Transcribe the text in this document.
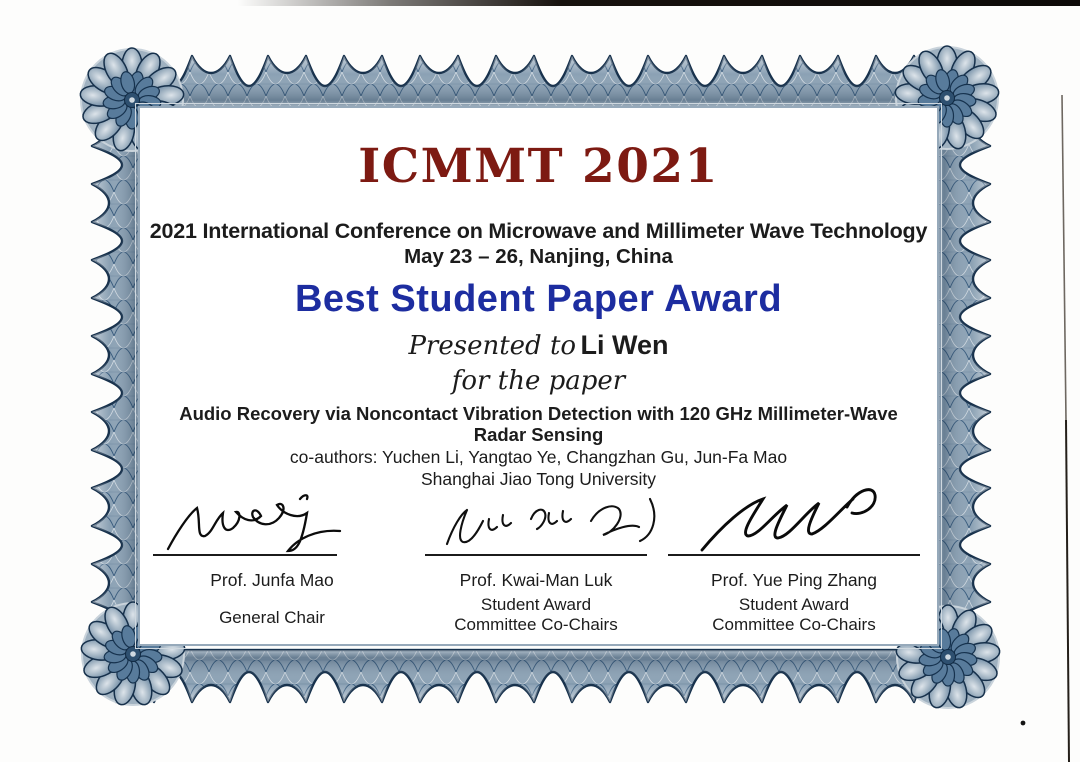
ICMMT 2021
2021 International Conference on Microwave and Millimeter Wave Technology
May 23 – 26, Nanjing, China
Best Student Paper Award
Presented to Li Wen
for the paper
Audio Recovery via Noncontact Vibration Detection with 120 GHz Millimeter-Wave
Radar Sensing
co-authors: Yuchen Li, Yangtao Ye, Changzhan Gu, Jun-Fa Mao
Shanghai Jiao Tong University
Prof. Junfa Mao
General Chair
Prof. Kwai-Man Luk
Student Award
Committee Co-Chairs
Prof. Yue Ping Zhang
Student Award
Committee Co-Chairs
